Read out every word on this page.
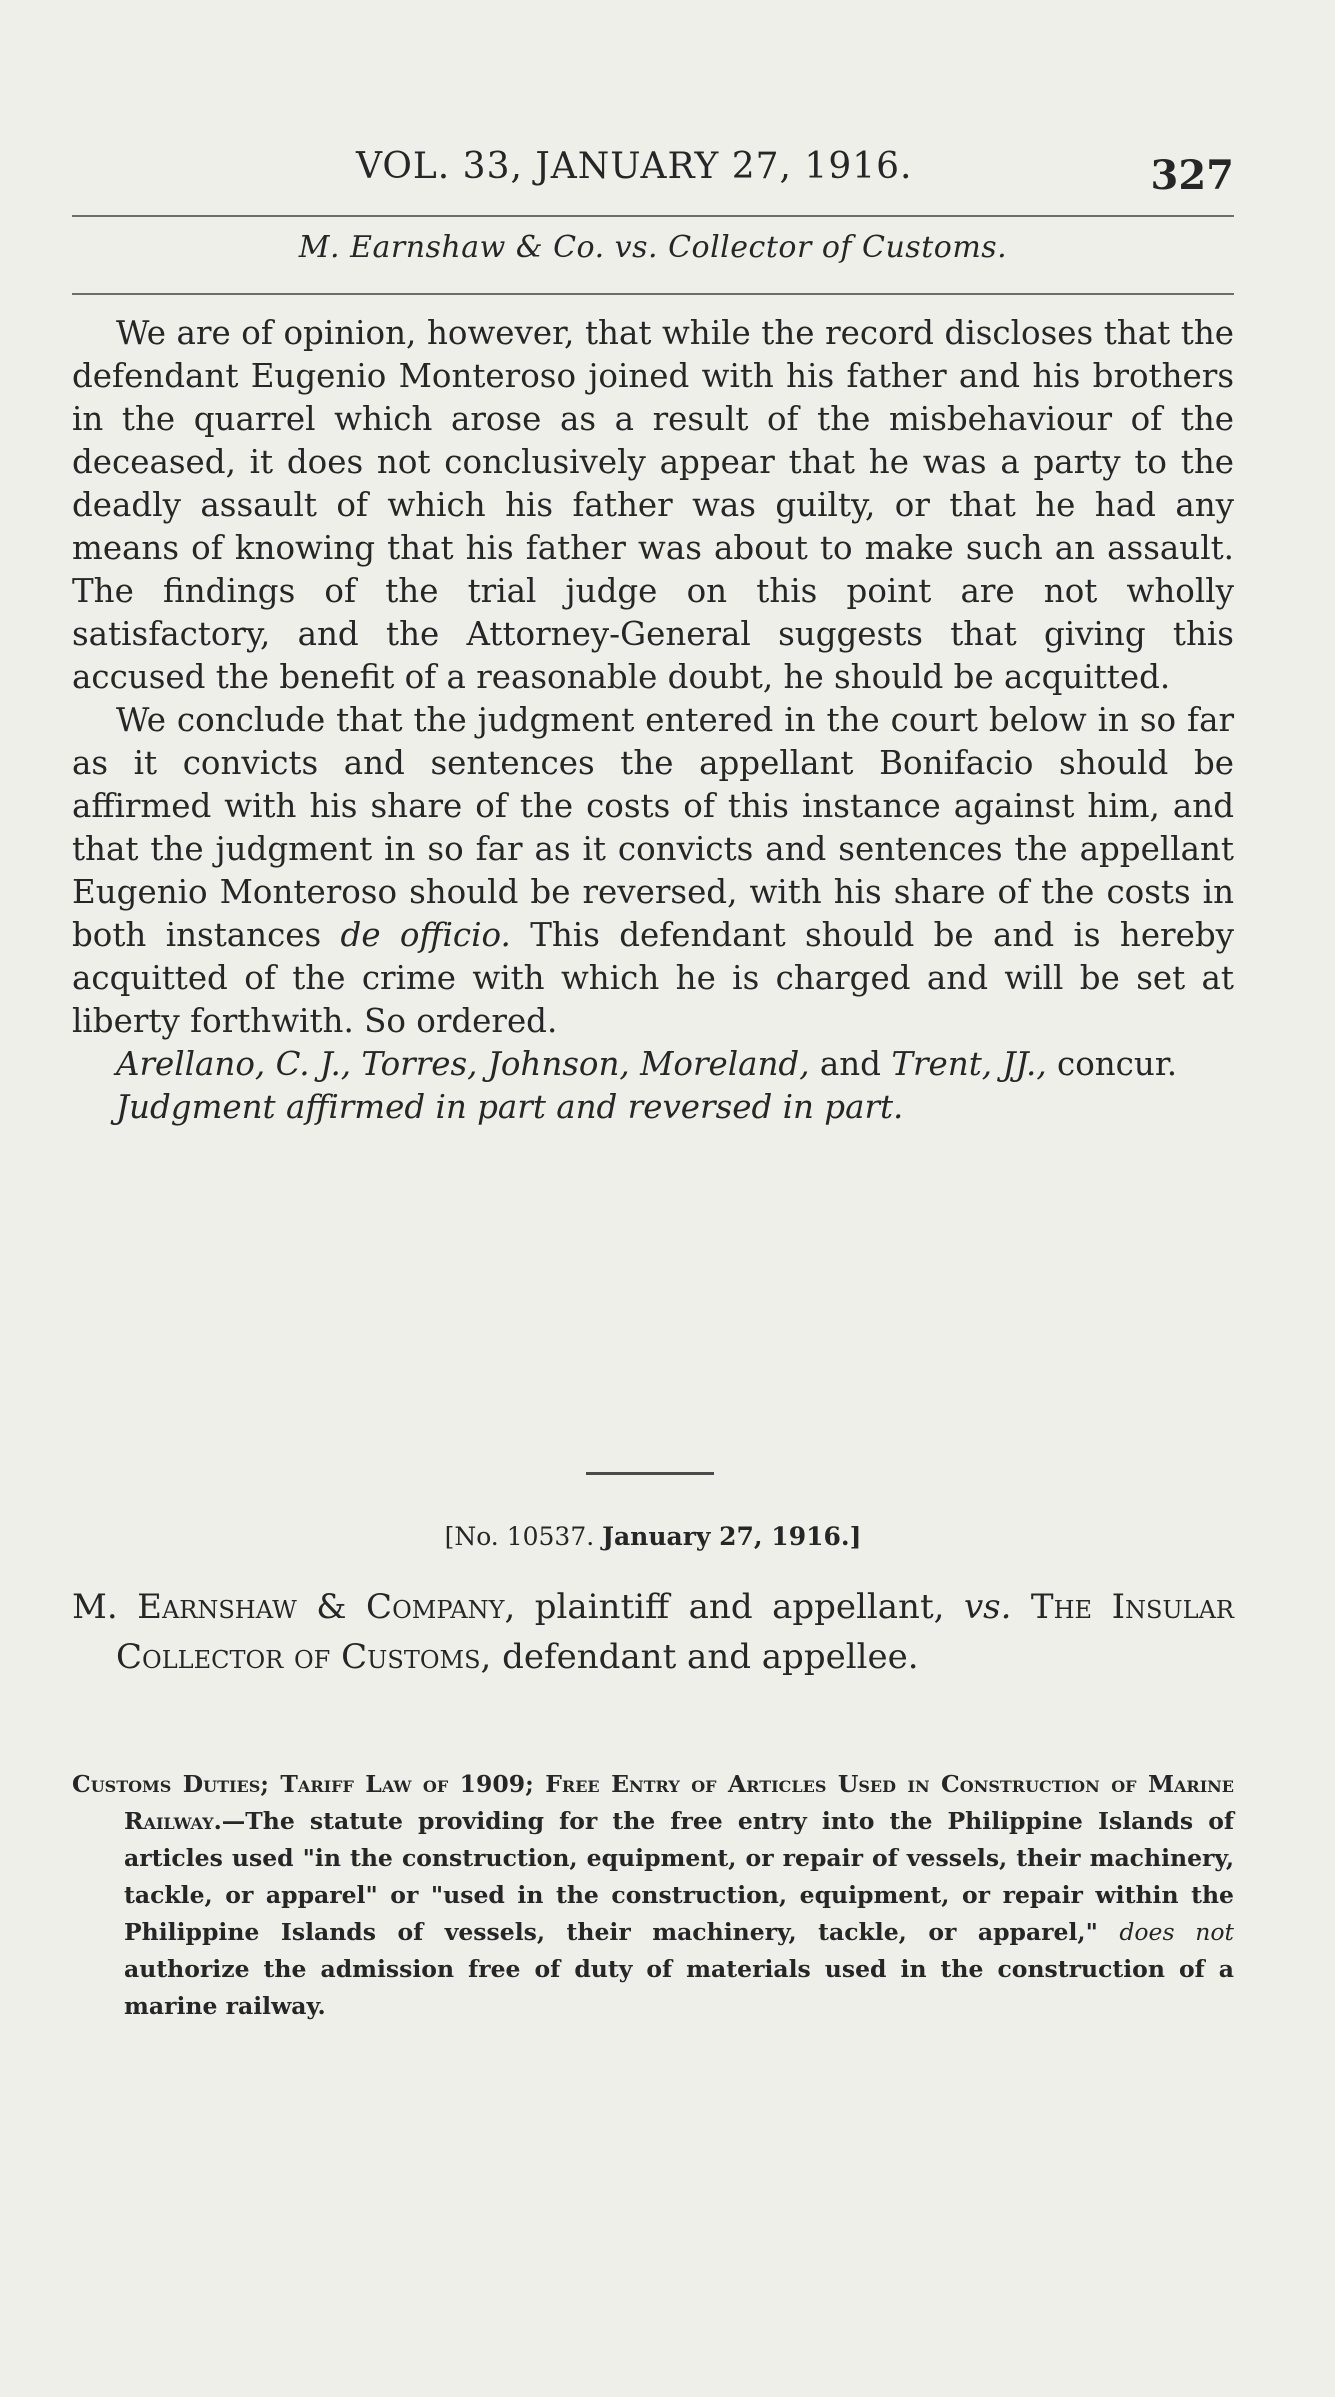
VOL. 33, JANUARY 27, 1916.	327
M. Earnshaw & Co. vs. Collector of Customs.

We are of opinion, however, that while the record discloses that the defendant Eugenio Monteroso joined with his father and his brothers in the quarrel which arose as a result of the misbehaviour of the deceased, it does not conclusively appear that he was a party to the deadly assault of which his father was guilty, or that he had any means of knowing that his father was about to make such an assault. The findings of the trial judge on this point are not wholly satisfactory, and the Attorney-General suggests that giving this accused the benefit of a reasonable doubt, he should be acquitted.

We conclude that the judgment entered in the court below in so far as it convicts and sentences the appellant Bonifacio should be affirmed with his share of the costs of this instance against him, and that the judgment in so far as it convicts and sentences the appellant Eugenio Monteroso should be reversed, with his share of the costs in both instances de officio. This defendant should be and is hereby acquitted of the crime with which he is charged and will be set at liberty forthwith. So ordered.

Arellano, C. J., Torres, Johnson, Moreland, and Trent, JJ., concur.

Judgment affirmed in part and reversed in part.

[No. 10537. January 27, 1916.]
M. Earnshaw & Company, plaintiff and appellant, vs. The Insular Collector of Customs, defendant and appellee.
Customs Duties; Tariff Law of 1909; Free Entry of Articles Used in Construction of Marine Railway.—The statute providing for the free entry into the Philippine Islands of articles used "in the construction, equipment, or repair of vessels, their machinery, tackle, or apparel" or "used in the construction, equipment, or repair within the Philippine Islands of vessels, their machinery, tackle, or apparel," does not authorize the admission free of duty of materials used in the construction of a marine railway.
